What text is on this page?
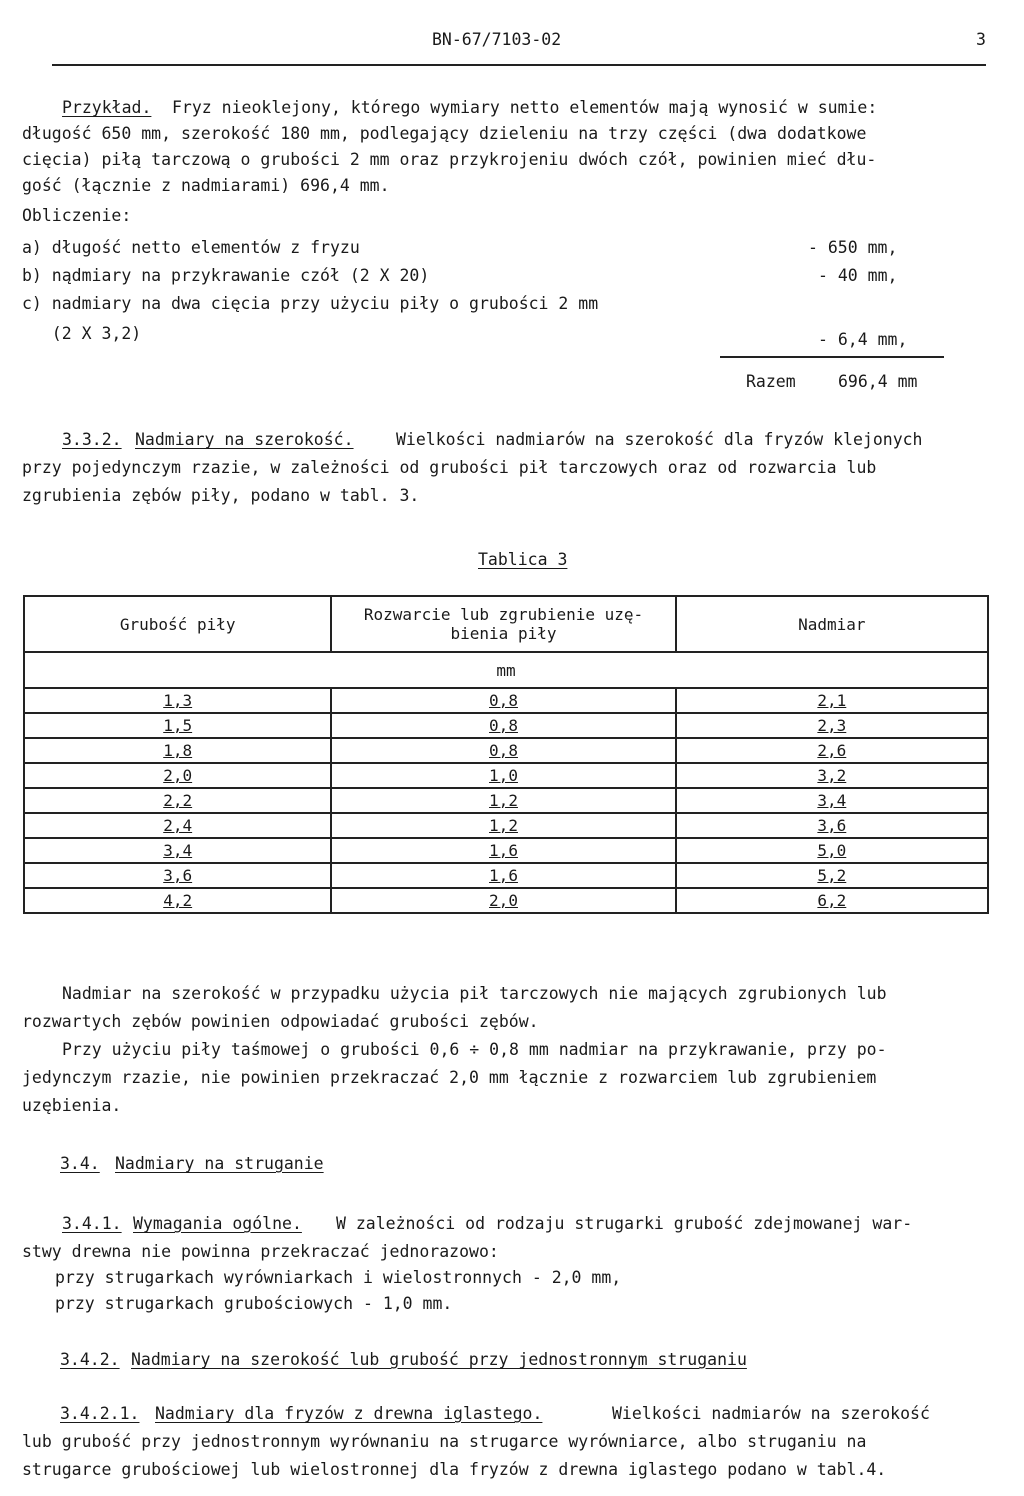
BN-67/7103-02	3
Przykład. Fryz nieoklejony, którego wymiary netto elementów mają wynosić w sumie:
długość 650 mm, szerokość 180 mm, podlegający dzieleniu na trzy części (dwa dodatkowe
cięcia) piłą tarczową o grubości 2 mm oraz przykrojeniu dwóch czół, powinien mieć dłu-
gość (łącznie z nadmiarami) 696,4 mm.
Obliczenie:
a) długość netto elementów z fryzu	- 650 mm,
b) nądmiary na przykrawanie czół (2 X 20)	- 40 mm,
c) nadmiary na dwa cięcia przy użyciu piły o grubości 2 mm
(2 X 3,2)	- 6,4 mm,
Razem	696,4 mm
3.3.2. Nadmiary na szerokość.	Wielkości nadmiarów na szerokość dla fryzów klejonych
przy pojedynczym rzazie, w zależności od grubości pił tarczowych oraz od rozwarcia lub
zgrubienia zębów piły, podano w tabl. 3.
Tablica 3
Grubość piły	Rozwarcie lub zgrubienie uzę-
bienia piły	Nadmiar
mm		
1,3	0,8	2,1
1,5	0,8	2,3
1,8	0,8	2,6
2,0	1,0	3,2
2,2	1,2	3,4
2,4	1,2	3,6
3,4	1,6	5,0
3,6	1,6	5,2
4,2	2,0	6,2
Nadmiar na szerokość w przypadku użycia pił tarczowych nie mających zgrubionych lub
rozwartych zębów powinien odpowiadać grubości zębów.
Przy użyciu piły taśmowej o grubości 0,6 ÷ 0,8 mm nadmiar na przykrawanie, przy po-
jedynczym rzazie, nie powinien przekraczać 2,0 mm łącznie z rozwarciem lub zgrubieniem
uzębienia.
3.4. Nadmiary na struganie
3.4.1. Wymagania ogólne. W zależności od rodzaju strugarki grubość zdejmowanej war-
stwy drewna nie powinna przekraczać jednorazowo:
przy strugarkach wyrówniarkach i wielostronnych - 2,0 mm,
przy strugarkach grubościowych - 1,0 mm.
3.4.2. Nadmiary na szerokość lub grubość przy jednostronnym struganiu
3.4.2.1. Nadmiary dla fryzów z drewna iglastego.	Wielkości nadmiarów na szerokość
lub grubość przy jednostronnym wyrównaniu na strugarce wyrówniarce, albo struganiu na
strugarce grubościowej lub wielostronnej dla fryzów z drewna iglastego podano w tabl.4.
